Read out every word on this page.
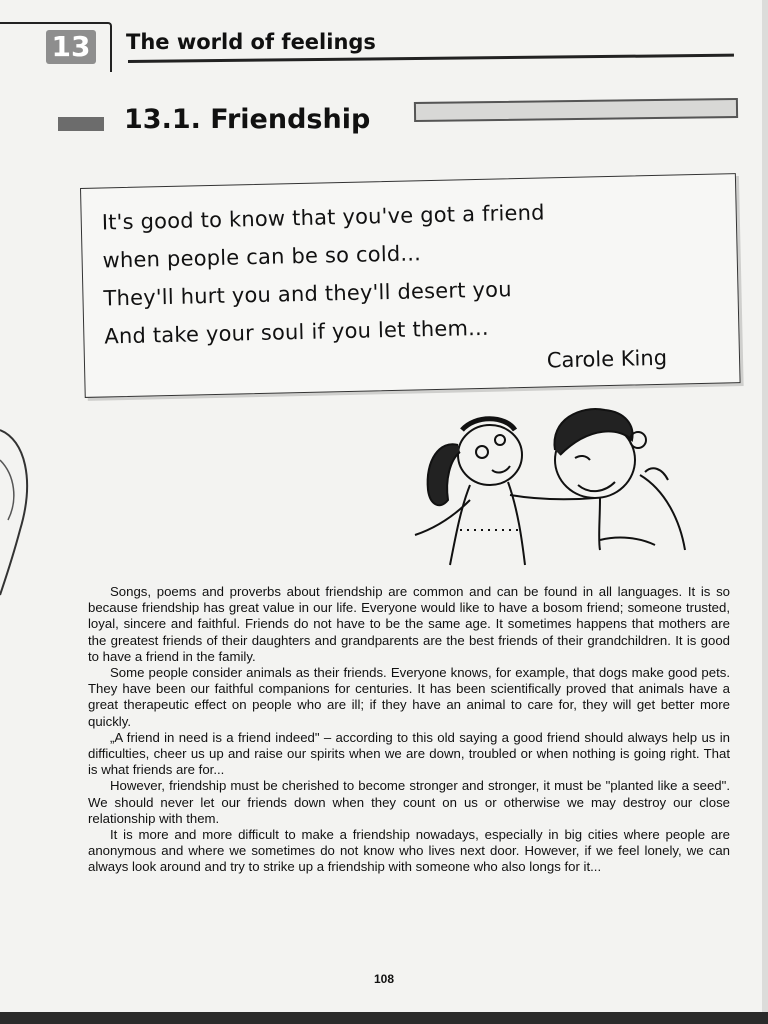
13 The world of feelings
13.1. Friendship
It's good to know that you've got a friend
when people can be so cold...
They'll hurt you and they'll desert you
And take your soul if you let them...
Carole King

Songs, poems and proverbs about friendship are common and can be found in all languages. It is so because friendship has great value in our life. Everyone would like to have a bosom friend; someone trusted, loyal, sincere and faithful. Friends do not have to be the same age. It sometimes happens that mothers are the greatest friends of their daughters and grandparents are the best friends of their grandchildren. It is good to have a friend in the family.

Some people consider animals as their friends. Everyone knows, for example, that dogs make good pets. They have been our faithful companions for centuries. It has been scientifically proved that animals have a great therapeutic effect on people who are ill; if they have an animal to care for, they will get better more quickly.

„A friend in need is a friend indeed" – according to this old saying a good friend should always help us in difficulties, cheer us up and raise our spirits when we are down, troubled or when nothing is going right. That is what friends are for...

However, friendship must be cherished to become stronger and stronger, it must be "planted like a seed". We should never let our friends down when they count on us or otherwise we may destroy our close relationship with them.

It is more and more difficult to make a friendship nowadays, especially in big cities where people are anonymous and where we sometimes do not know who lives next door. However, if we feel lonely, we can always look around and try to strike up a friendship with someone who also longs for it...

108
